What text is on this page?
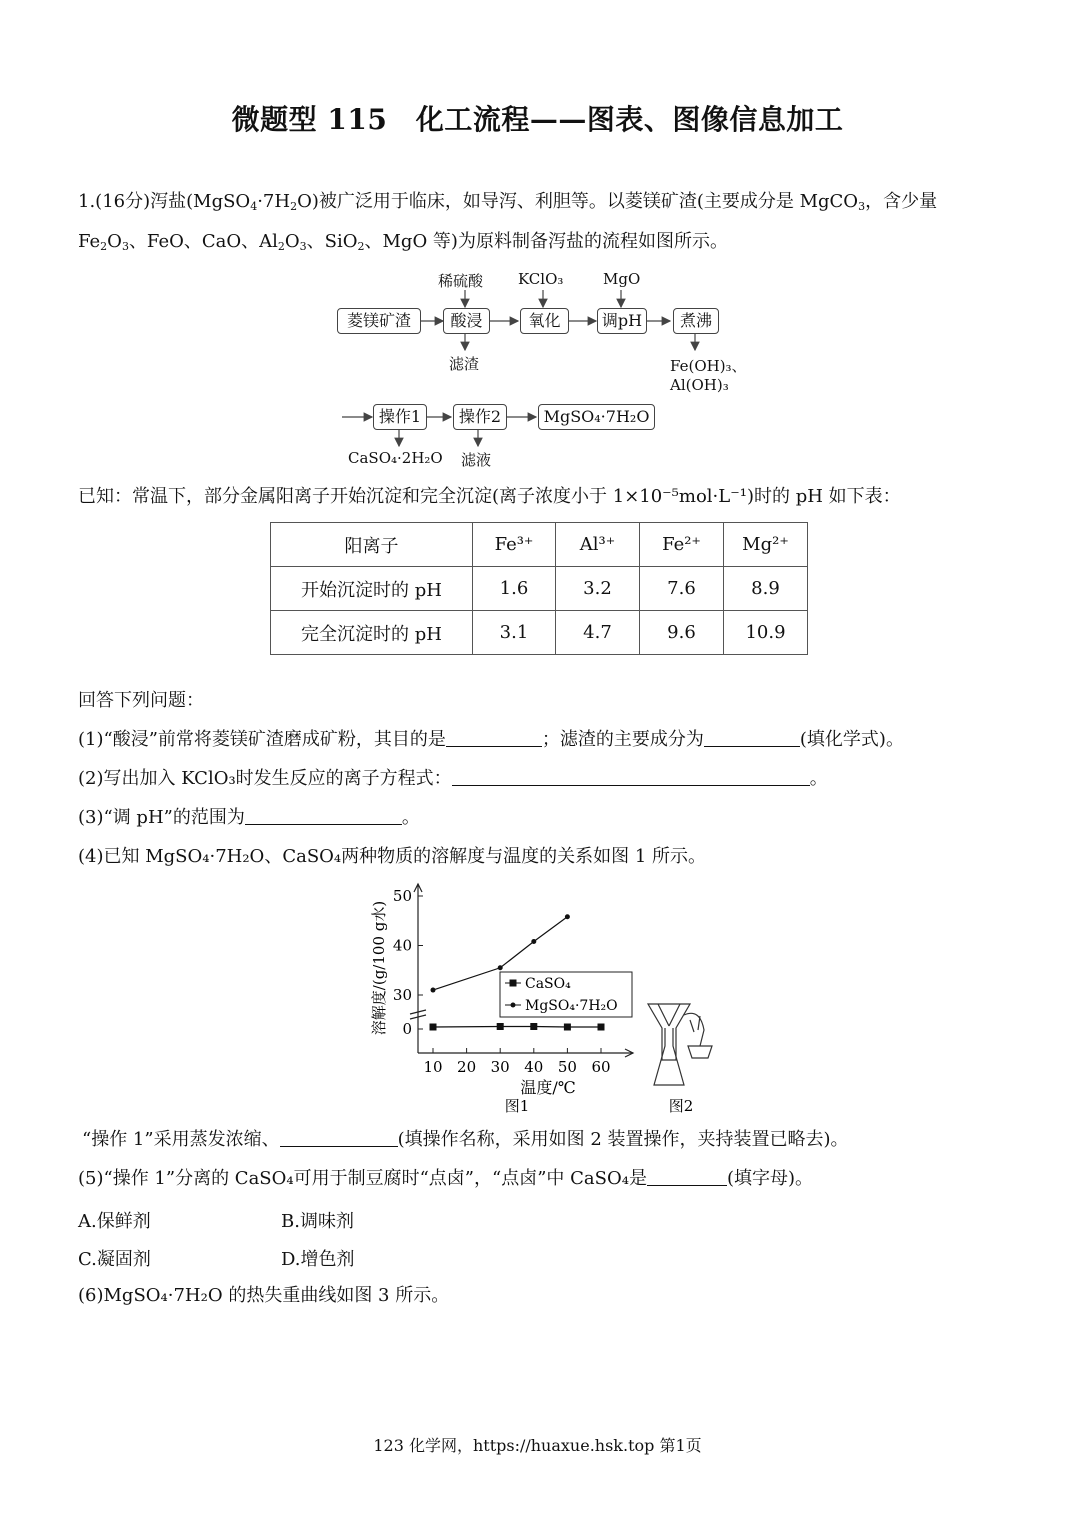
微题型 115　化工流程——图表、图像信息加工
1.(16分)泻盐$(MgSO_4\cdot 7H_2O)$被广泛用于临床，如导泻、利胆等。以菱镁矿渣(主要成分是 MgCO$_3$，含少量
$Fe_2O_3$、FeO、CaO、$Al_2O_3$、SiO$_2$、MgO 等)为原料制备泻盐的流程如图所示。
稀硫酸 KClO₃	MgO
菱镁矿渣	酸浸	氧化	调pH	煮沸
滤渣	Fe(OH)₃、
Al(OH)₃
操作1	操作2	MgSO₄·7H₂O
CaSO₄·2H₂O 滤液
已知：常温下，部分金属阳离子开始沉淀和完全沉淀(离子浓度小于 1×10⁻⁵mol·L⁻¹)时的 pH 如下表：
阳离子	Fe³⁺	Al³⁺	Fe²⁺	Mg²⁺
开始沉淀时的 pH	1.6	3.2	7.6	8.9
完全沉淀时的 pH	3.1	4.7	9.6	10.9
回答下列问题：
(1)“酸浸”前常将菱镁矿渣磨成矿粉，其目的是	；滤渣的主要成分为	(填化学式)。
(2)写出加入 KClO₃时发生反应的离子方程式：	。
(3)“调 pH”的范围为	。
(4)已知 MgSO₄·7H₂O、CaSO₄两种物质的溶解度与温度的关系如图 1 所示。
10 20 30 40 50 60
0
30
40
50
温度/℃
溶解度/(g/100 g水)
图1	图2
CaSO₄
MgSO₄·7H₂O
“操作 1”采用蒸发浓缩、	(填操作名称，采用如图 2 装置操作，夹持装置已略去)。
(5)“操作 1”分离的 CaSO₄可用于制豆腐时“点卤”，“点卤”中 CaSO₄是	(填字母)。
A.保鲜剂	B.调味剂
C.凝固剂	D.增色剂
(6)MgSO₄·7H₂O 的热失重曲线如图 3 所示。
123 化学网，https://huaxue.hsk.top 第1页
